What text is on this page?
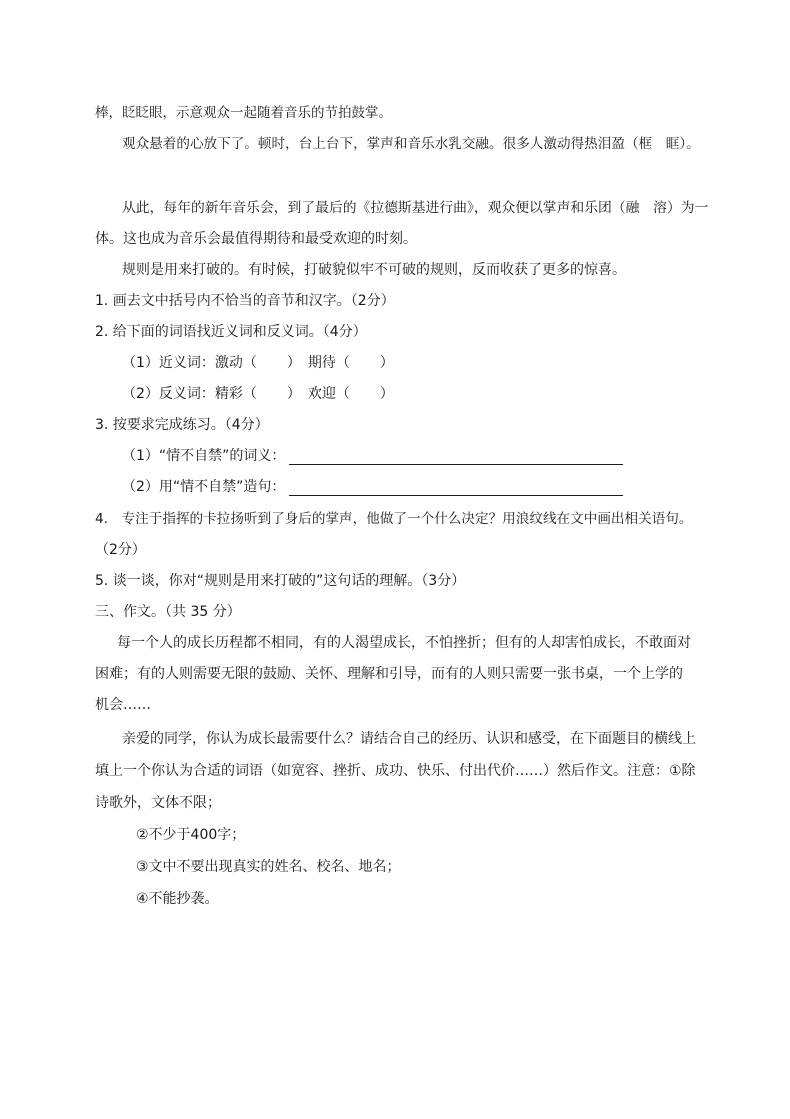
棒，眨眨眼，示意观众一起随着音乐的节拍鼓掌。
观众悬着的心放下了。顿时，台上台下，掌声和音乐水乳交融。很多人激动得热泪盈（框　眶）。
从此，每年的新年音乐会，到了最后的《拉德斯基进行曲》，观众便以掌声和乐团（融　溶）为一
体。这也成为音乐会最值得期待和最受欢迎的时刻。
规则是用来打破的。有时候，打破貌似牢不可破的规则，反而收获了更多的惊喜。
1. 画去文中括号内不恰当的音节和汉字。（2分）
2. 给下面的词语找近义词和反义词。（4分）
（1）近义词：激动（ ）　期待（ ）
（2）反义词：精彩（ ）　欢迎（ ）
3. 按要求完成练习。（4分）
（1）“情不自禁”的词义：
（2）用“情不自禁”造句：
4.　专注于指挥的卡拉扬听到了身后的掌声，他做了一个什么决定？用浪纹线在文中画出相关语句。
（2分）
5. 谈一谈，你对“规则是用来打破的”这句话的理解。（3分）
三、作文。（共 35 分）
每一个人的成长历程都不相同，有的人渴望成长，不怕挫折；但有的人却害怕成长，不敢面对
困难；有的人则需要无限的鼓励、关怀、理解和引导，而有的人则只需要一张书桌，一个上学的
机会……
亲爱的同学，你认为成长最需要什么？请结合自己的经历、认识和感受，在下面题目的横线上
填上一个你认为合适的词语（如宽容、挫折、成功、快乐、付出代价……）然后作文。注意：①除
诗歌外，文体不限；
②不少于400字；
③文中不要出现真实的姓名、校名、地名；
④不能抄袭。
